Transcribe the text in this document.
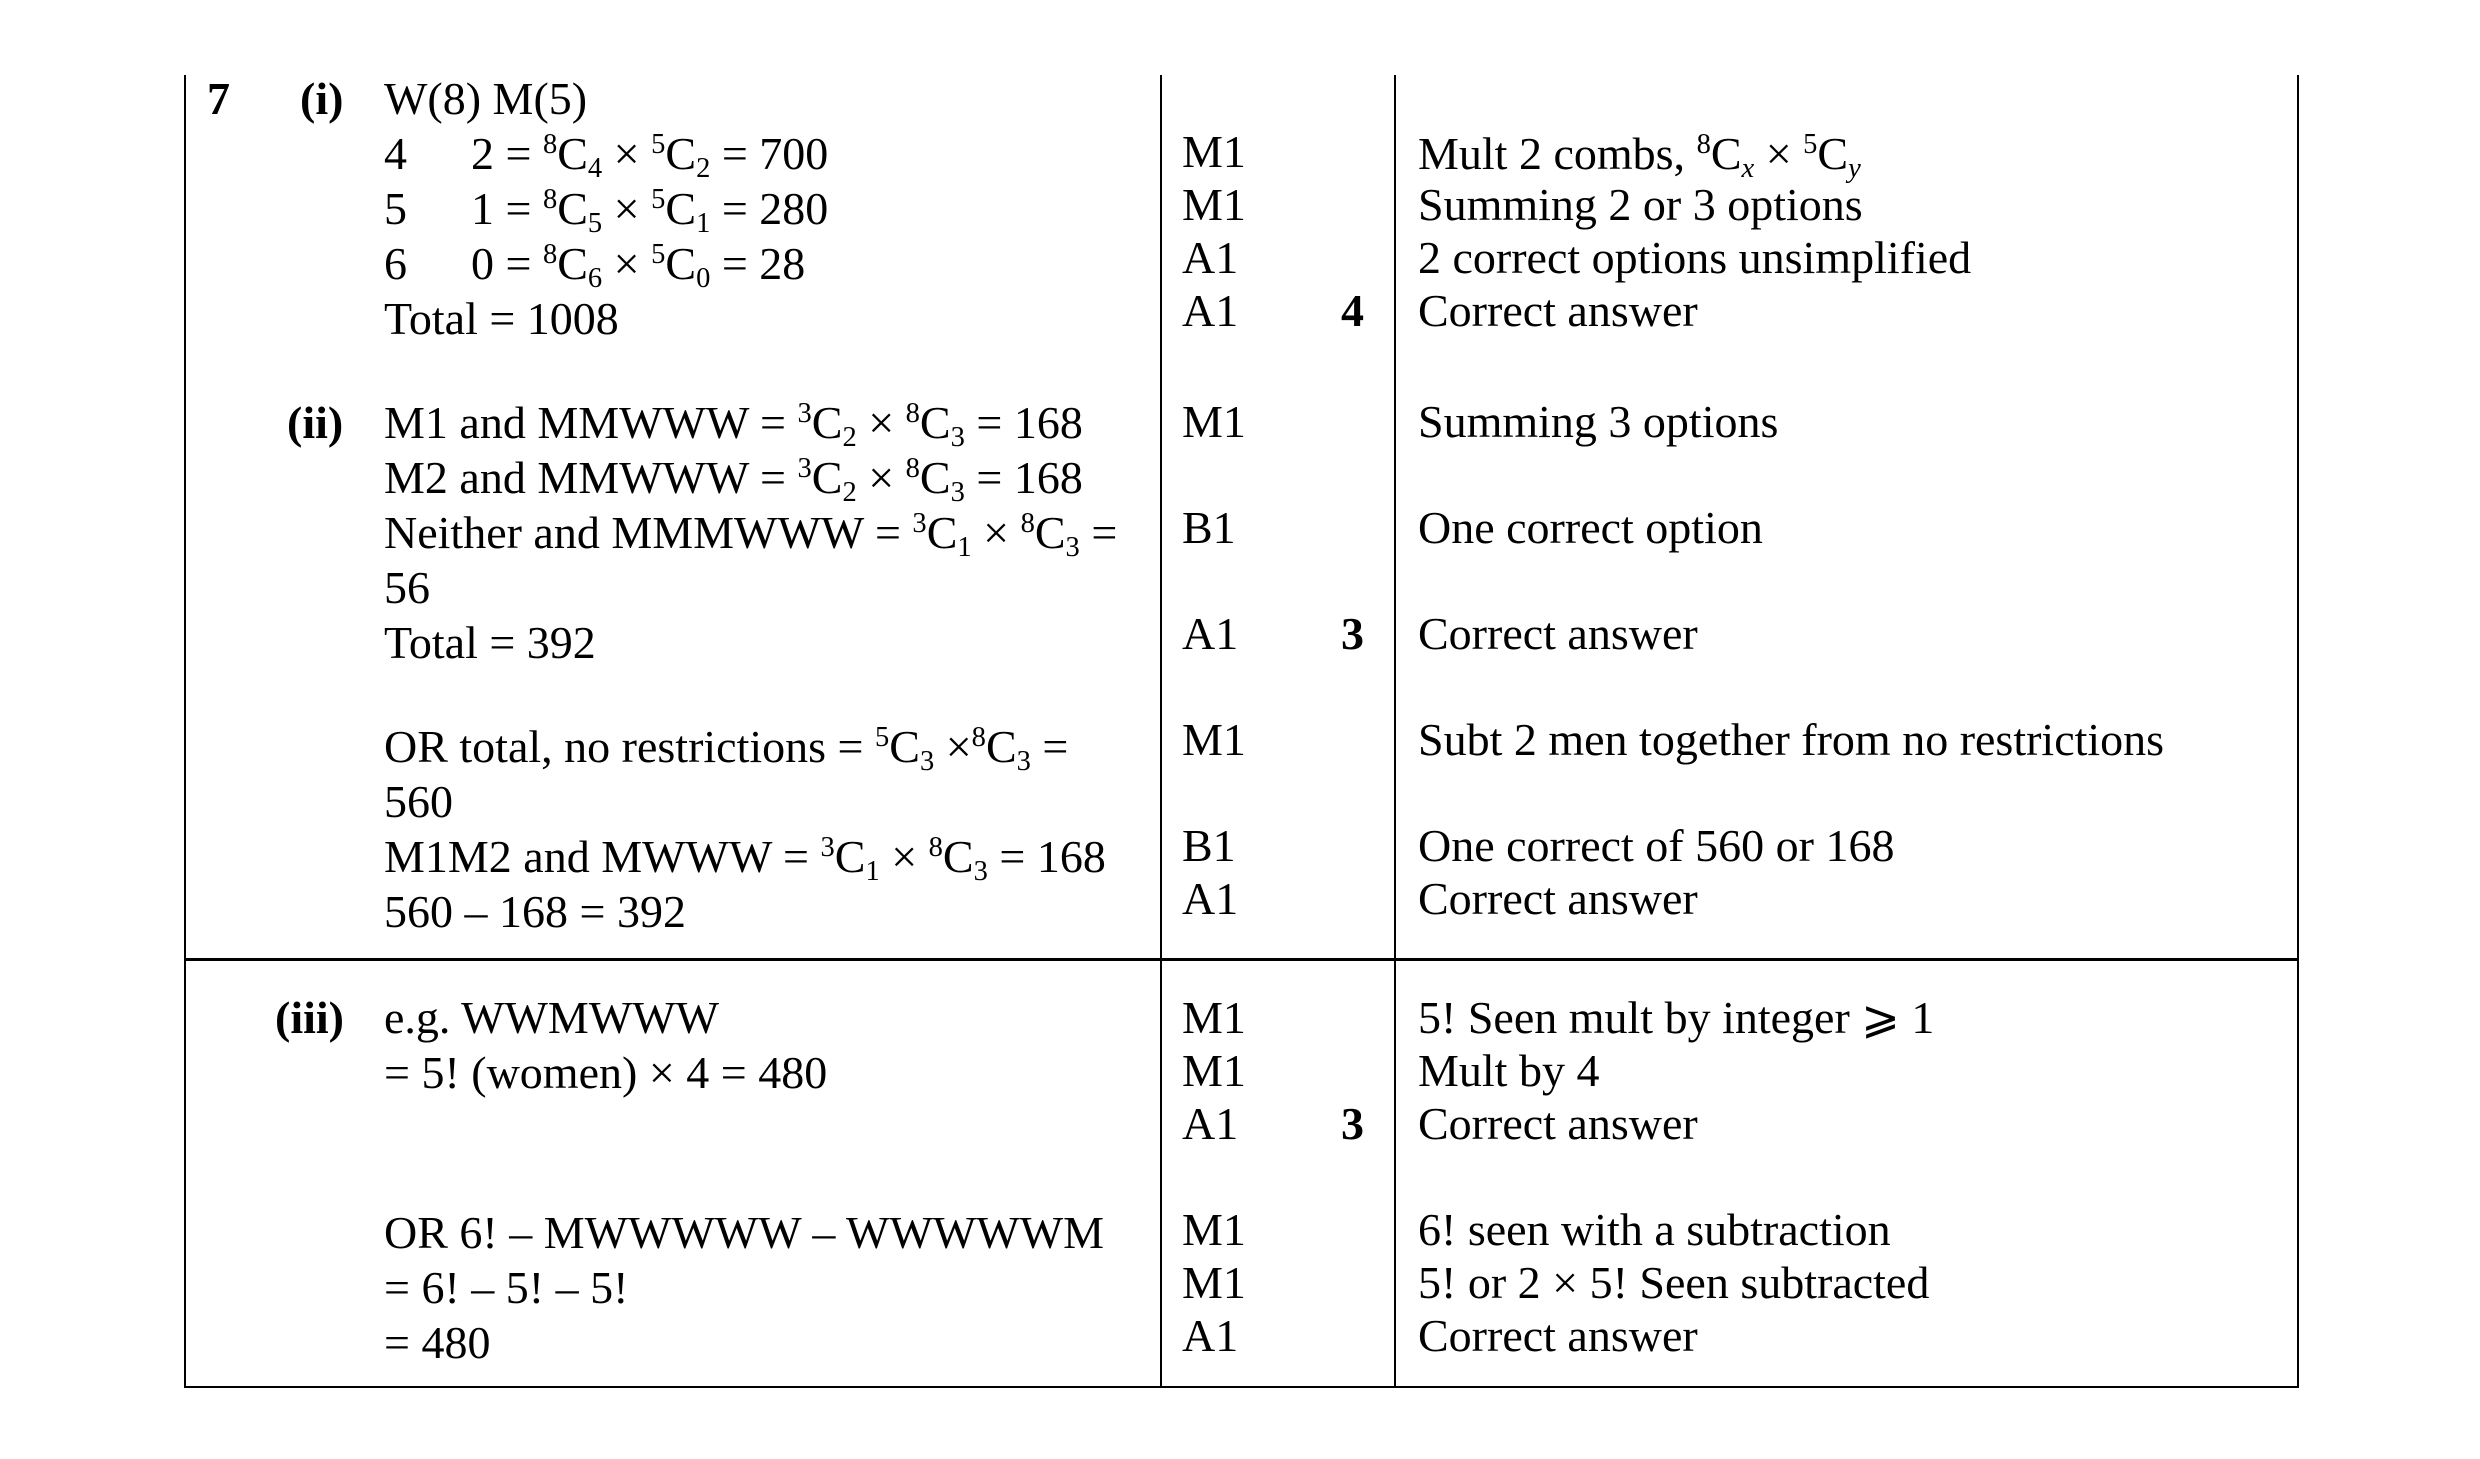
7 (i) W(8) M(5)
4 $2 = ^8C_4 \times ^5C_2 = 700$
5 $1 = ^8C_5 \times ^5C_1 = 280$
6 $0 = ^8C_6 \times ^5C_0 = 28$
Total = 1008
M1
M1
A1
A1 4
Mult 2 combs, $^8C_x \times ^5C_y$
Summing 2 or 3 options
2 correct options unsimplified
Correct answer
(ii) M1 and MMWWW = $^3C_2 \times ^8C_3 = 168$
M2 and MMWWW = $^3C_2 \times ^8C_3 = 168$
Neither and MMMWWW = $^3C_1 \times ^8C_3$ =
56
Total = 392
OR total, no restrictions = $^5C_3 \times^8C_3$ =
560
M1M2 and MWWW = $^3C_1 \times ^8C_3 = 168$
560 – 168 = 392
M1
B1
A1 3
M1
B1
A1
Summing 3 options
One correct option
Correct answer
Subt 2 men together from no restrictions
One correct of 560 or 168
Correct answer
(iii) e.g. WWMWWW
= 5! (women) × 4 = 480
OR 6! – MWWWWW – WWWWWM
= 6! – 5! – 5!
= 480
M1
M1
A1 3
M1
M1
A1
5! Seen mult by integer ⩾ 1
Mult by 4
Correct answer
6! seen with a subtraction
5! or 2 × 5! Seen subtracted
Correct answer
